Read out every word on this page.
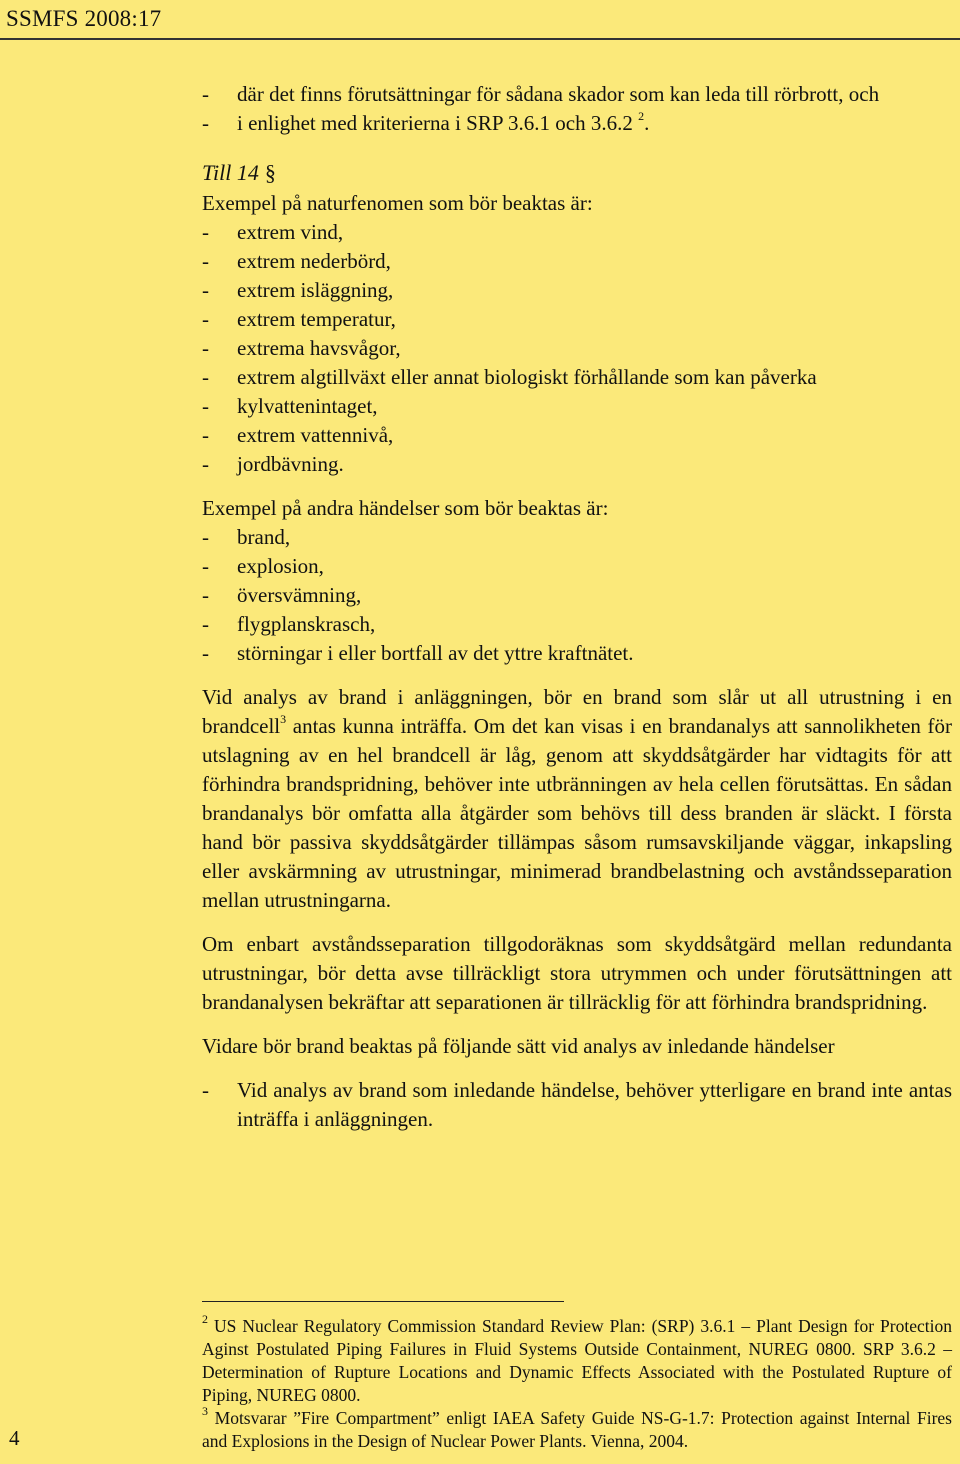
SSMFS 2008:17
-	där det finns förutsättningar för sådana skador som kan leda till rörbrott, och
-	i enlighet med kriterierna i SRP 3.6.1 och 3.6.2 $^2$.
Till 14 §
Exempel på naturfenomen som bör beaktas är:
-	extrem vind,
-	extrem nederbörd,
-	extrem isläggning,
-	extrem temperatur,
-	extrema havsvågor,
-	extrem algtillväxt eller annat biologiskt förhållande som kan påverka
-	kylvattenintaget,
-	extrem vattennivå,
-	jordbävning.
Exempel på andra händelser som bör beaktas är:
-	brand,
-	explosion,
-	översvämning,
-	flygplanskrasch,
-	störningar i eller bortfall av det yttre kraftnätet.
Vid analys av brand i anläggningen, bör en brand som slår ut all utrustning i en brandcell$^3$ antas kunna inträffa. Om det kan visas i en brandanalys att sannolikheten för utslagning av en hel brandcell är låg, genom att skyddsåtgärder har vidtagits för att förhindra brandspridning, behöver inte utbränningen av hela cellen förutsättas. En sådan brandanalys bör omfatta alla åtgärder som behövs till dess branden är släckt. I första hand bör passiva skyddsåtgärder tillämpas såsom rumsavskiljande väggar, inkapsling eller avskärmning av utrustningar, minimerad brandbelastning och avståndsseparation mellan utrustningarna.
Om enbart avståndsseparation tillgodoräknas som skyddsåtgärd mellan redundanta utrustningar, bör detta avse tillräckligt stora utrymmen och under förutsättningen att brandanalysen bekräftar att separationen är tillräcklig för att förhindra brandspridning.
Vidare bör brand beaktas på följande sätt vid analys av inledande händelser
-	Vid analys av brand som inledande händelse, behöver ytterligare en brand inte antas inträffa i anläggningen.
$^2$ US Nuclear Regulatory Commission Standard Review Plan: (SRP) 3.6.1 – Plant Design for Protection Aginst Postulated Piping Failures in Fluid Systems Outside Containment, NUREG 0800. SRP 3.6.2 – Determination of Rupture Locations and Dynamic Effects Associated with the Postulated Rupture of Piping, NUREG 0800.
$^3$ Motsvarar ”Fire Compartment” enligt IAEA Safety Guide NS-G-1.7: Protection against Internal Fires and Explosions in the Design of Nuclear Power Plants. Vienna, 2004.
4
